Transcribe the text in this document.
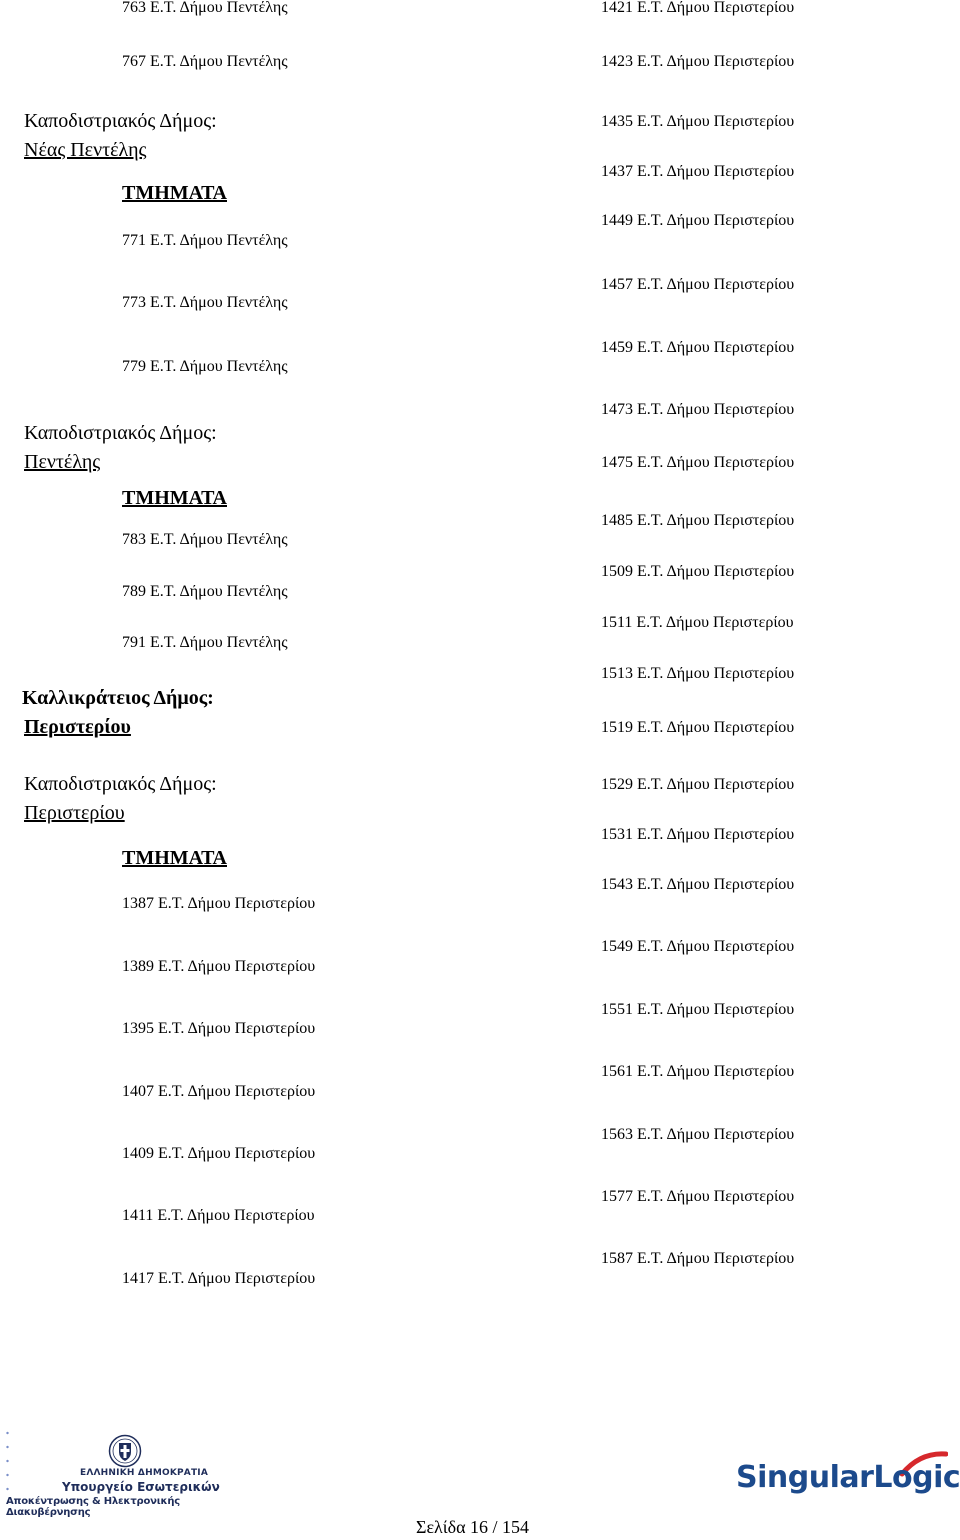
763 Ε.Τ. Δήμου Πεντέλης
767 Ε.Τ. Δήμου Πεντέλης
Καποδιστριακός Δήμος:
Νέας Πεντέλης
ΤΜΗΜΑΤΑ
771 Ε.Τ. Δήμου Πεντέλης
773 Ε.Τ. Δήμου Πεντέλης
779 Ε.Τ. Δήμου Πεντέλης
Καποδιστριακός Δήμος:
Πεντέλης
ΤΜΗΜΑΤΑ
783 Ε.Τ. Δήμου Πεντέλης
789 Ε.Τ. Δήμου Πεντέλης
791 Ε.Τ. Δήμου Πεντέλης
Καλλικράτειος Δήμος:
Περιστερίου
Καποδιστριακός Δήμος:
Περιστερίου
ΤΜΗΜΑΤΑ
1387 Ε.Τ. Δήμου Περιστερίου
1389 Ε.Τ. Δήμου Περιστερίου
1395 Ε.Τ. Δήμου Περιστερίου
1407 Ε.Τ. Δήμου Περιστερίου
1409 Ε.Τ. Δήμου Περιστερίου
1411 Ε.Τ. Δήμου Περιστερίου
1417 Ε.Τ. Δήμου Περιστερίου
1421 Ε.Τ. Δήμου Περιστερίου
1423 Ε.Τ. Δήμου Περιστερίου
1435 Ε.Τ. Δήμου Περιστερίου
1437 Ε.Τ. Δήμου Περιστερίου
1449 Ε.Τ. Δήμου Περιστερίου
1457 Ε.Τ. Δήμου Περιστερίου
1459 Ε.Τ. Δήμου Περιστερίου
1473 Ε.Τ. Δήμου Περιστερίου
1475 Ε.Τ. Δήμου Περιστερίου
1485 Ε.Τ. Δήμου Περιστερίου
1509 Ε.Τ. Δήμου Περιστερίου
1511 Ε.Τ. Δήμου Περιστερίου
1513 Ε.Τ. Δήμου Περιστερίου
1519 Ε.Τ. Δήμου Περιστερίου
1529 Ε.Τ. Δήμου Περιστερίου
1531 Ε.Τ. Δήμου Περιστερίου
1543 Ε.Τ. Δήμου Περιστερίου
1549 Ε.Τ. Δήμου Περιστερίου
1551 Ε.Τ. Δήμου Περιστερίου
1561 Ε.Τ. Δήμου Περιστερίου
1563 Ε.Τ. Δήμου Περιστερίου
1577 Ε.Τ. Δήμου Περιστερίου
1587 Ε.Τ. Δήμου Περιστερίου
ΕΛΛΗΝΙΚΗ ΔΗΜΟΚΡΑΤΙΑ
Υπουργείο Εσωτερικών
Αποκέντρωσης & Ηλεκτρονικής Διακυβέρνησης
Σελίδα 16 / 154
SingularLogic
